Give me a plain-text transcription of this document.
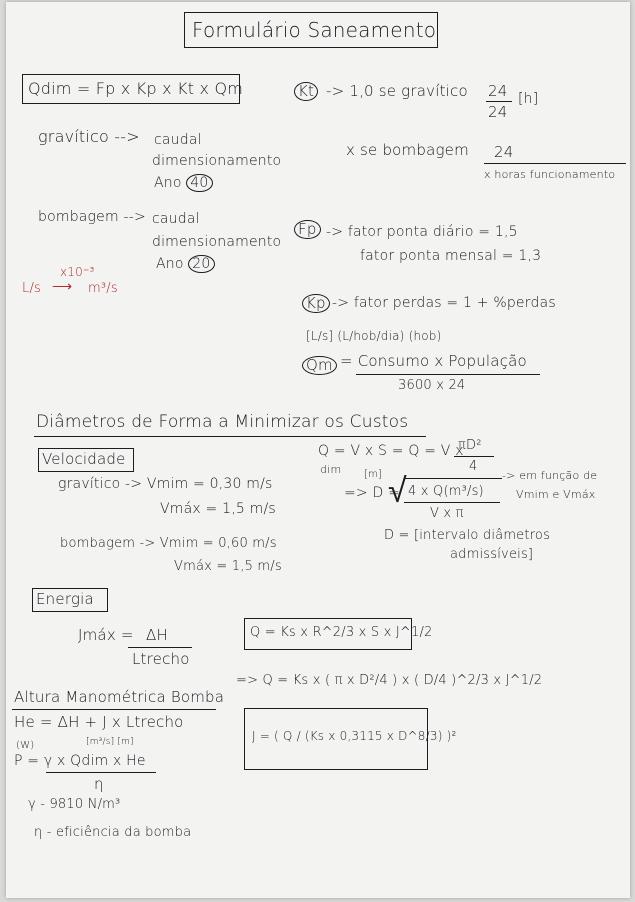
Formulário Saneamento
Qdim = Fp x Kp x Kt x Qm	Kt -> 1,0 se gravítico 24
24
[h]
x se bombagem 24
x horas funcionamento
gravítico --> caudal
dimensionamento
Ano 40
bombagem --> caudal
dimensionamento
Ano 20
x10⁻³
L/s ⟶ m³/s
Fp -> fator ponta diário = 1,5
fator ponta mensal = 1,3
Kp -> fator perdas = 1 + %perdas
[L/s] (L/hob/dia) (hob)
Qm = Consumo x População
3600 x 24
Diâmetros de Forma a Minimizar os Custos
Velocidade
gravítico -> Vmim = 0,30 m/s
Vmáx = 1,5 m/s
bombagem -> Vmim = 0,60 m/s
Vmáx = 1,5 m/s
Q = V x S = Q = V x
πD²
4
dim [m]
=> D =
√ 4 x Q(m³/s)
V x π
-> em função de
Vmim e Vmáx
D = [intervalo diâmetros
admissíveis]
Energia
Jmáx = ΔH
Ltrecho
Q = Ks x R^2/3 x S x J^1/2
=> Q = Ks x ( π x D²/4 ) x ( D/4 )^2/3 x J^1/2
J = ( Q / (Ks x 0,3115 x D^8/3) )²
Altura Manométrica Bomba
He = ΔH + J x Ltrecho
(W)	[m³/s] [m]
P = γ x Qdim x He
η
γ - 9810 N/m³
η - eficiência da bomba
